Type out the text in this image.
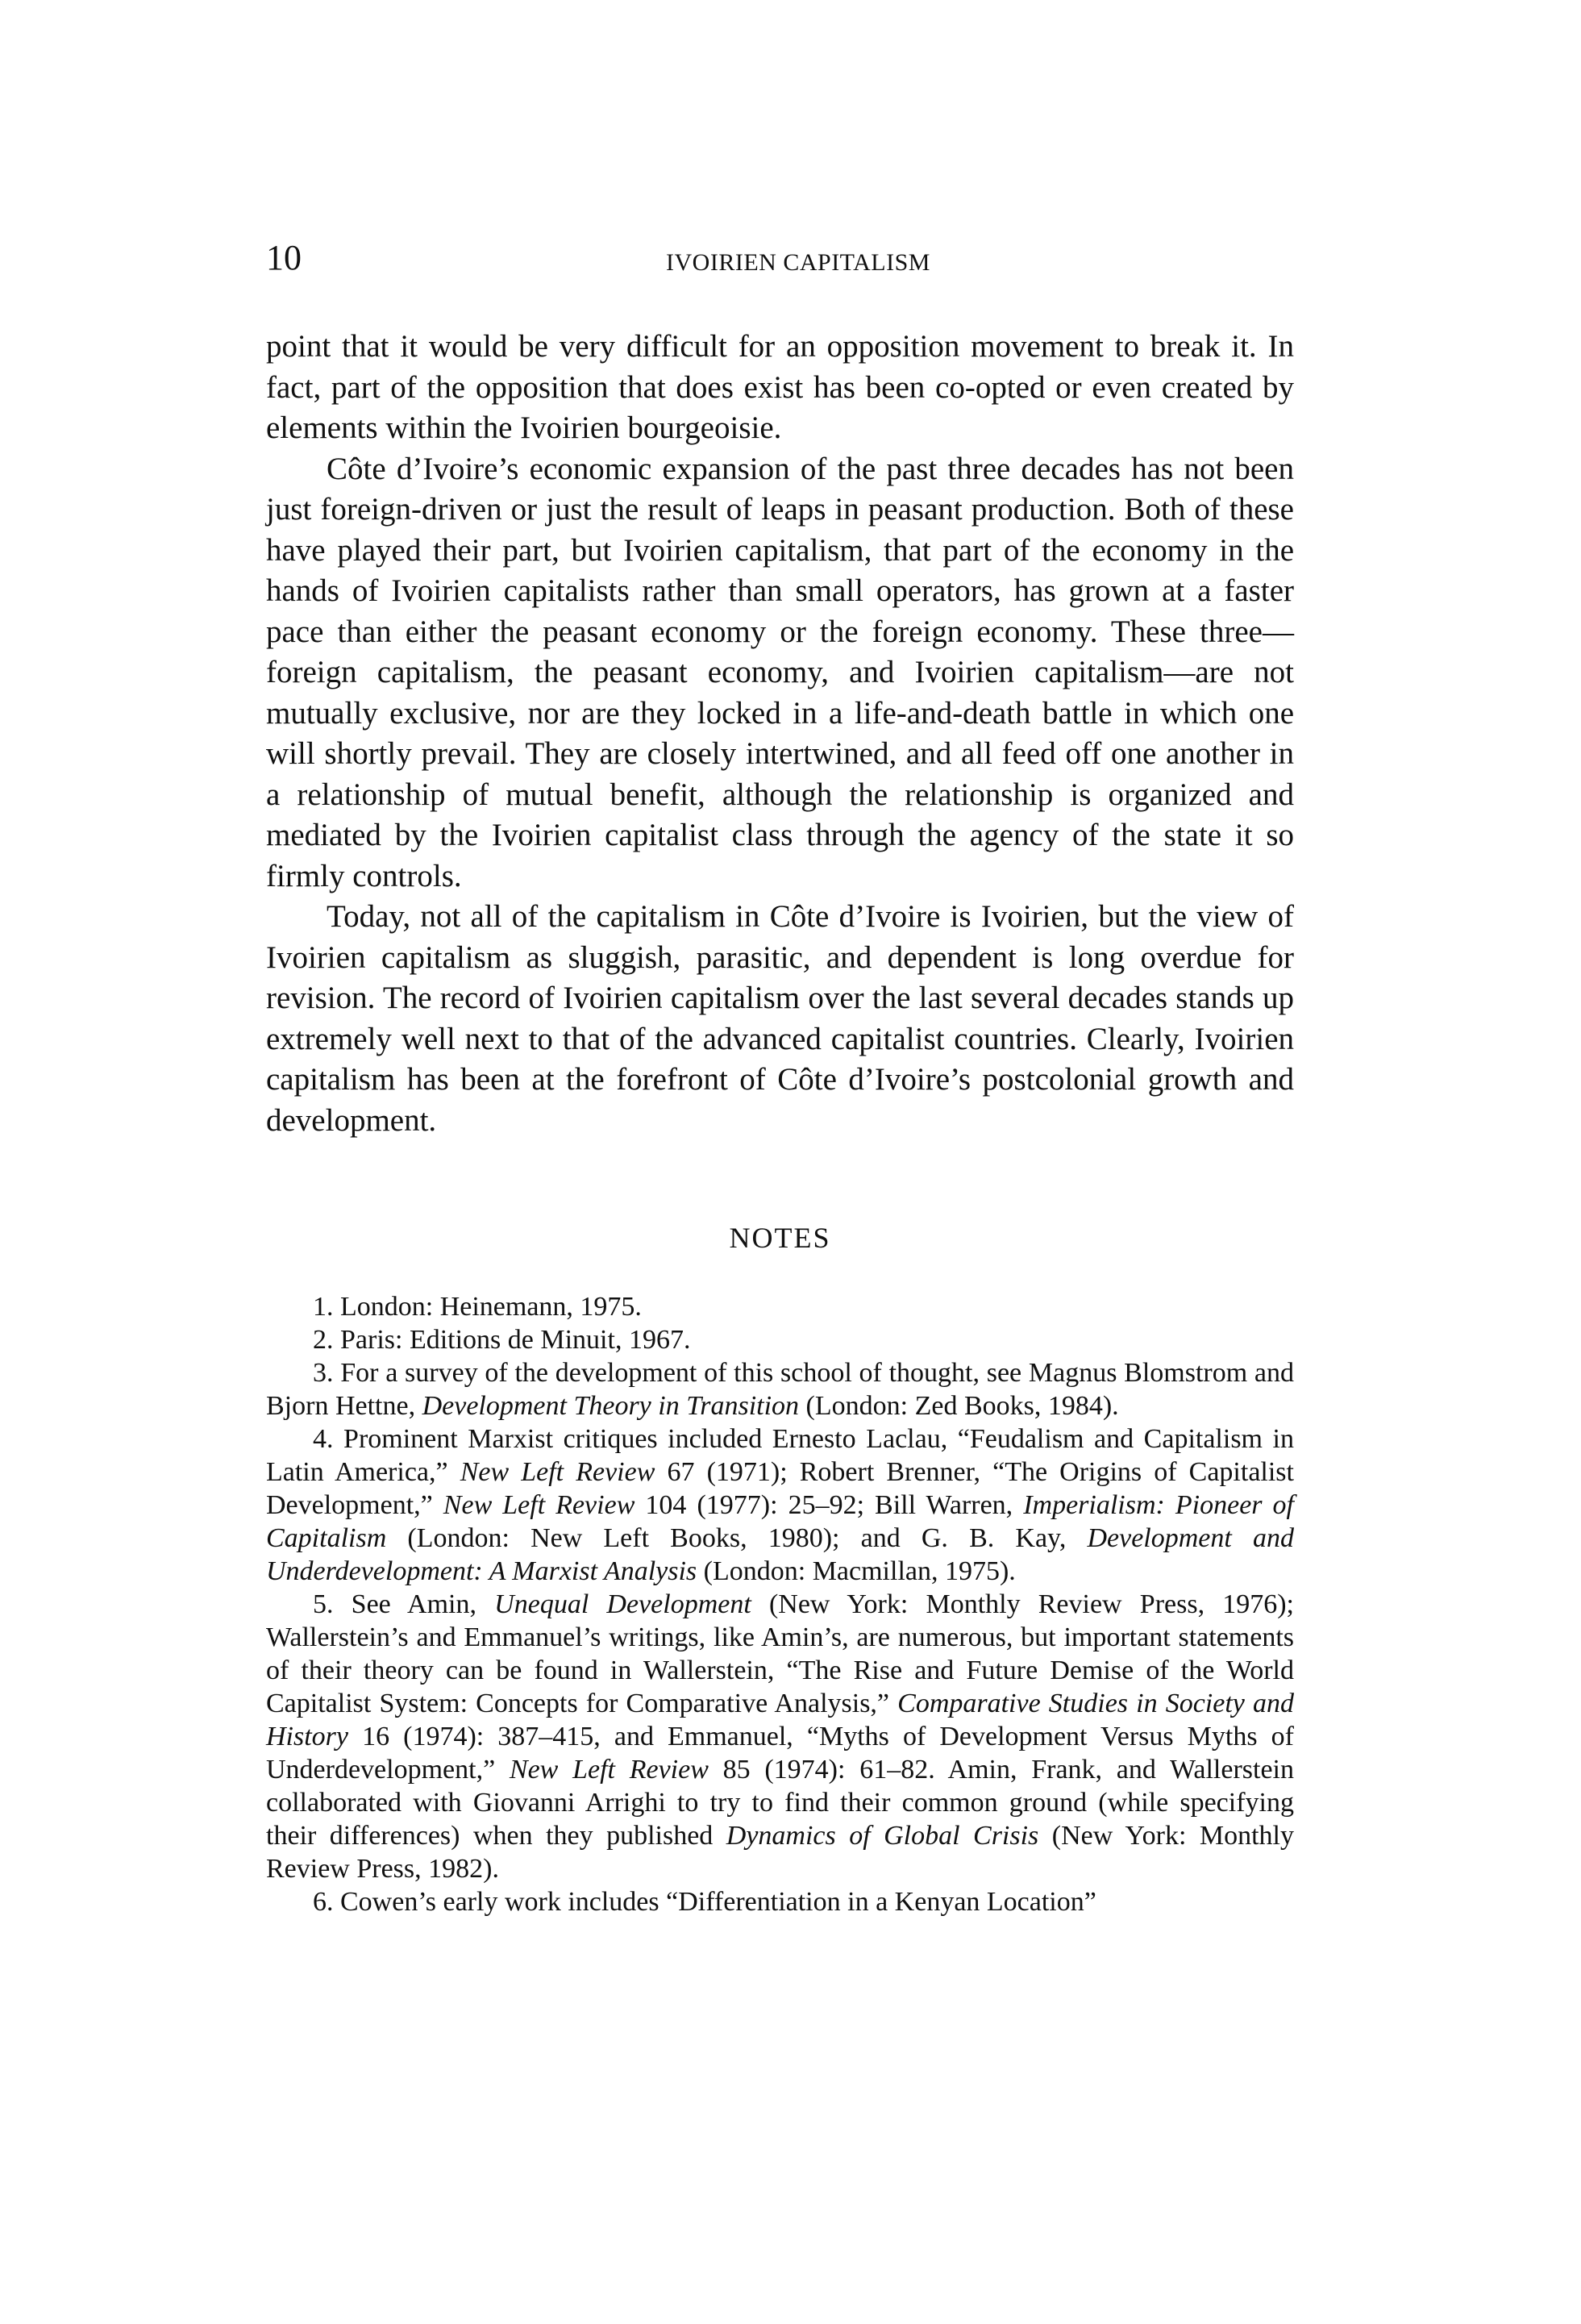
10	IVOIRIEN CAPITALISM

point that it would be very difficult for an opposition movement to break it. In fact, part of the opposition that does exist has been co-opted or even created by elements within the Ivoirien bourgeoisie.

Côte d’Ivoire’s economic expansion of the past three decades has not been just foreign-driven or just the result of leaps in peasant production. Both of these have played their part, but Ivoirien capitalism, that part of the economy in the hands of Ivoirien capitalists rather than small operators, has grown at a faster pace than either the peasant economy or the foreign economy. These three—foreign capitalism, the peasant economy, and Ivoirien capitalism—are not mutually exclusive, nor are they locked in a life-and-death battle in which one will shortly prevail. They are closely intertwined, and all feed off one another in a relationship of mutual benefit, although the relationship is organized and mediated by the Ivoirien capitalist class through the agency of the state it so firmly controls.

Today, not all of the capitalism in Côte d’Ivoire is Ivoirien, but the view of Ivoirien capitalism as sluggish, parasitic, and dependent is long overdue for revision. The record of Ivoirien capitalism over the last several decades stands up extremely well next to that of the advanced capitalist countries. Clearly, Ivoirien capitalism has been at the forefront of Côte d’Ivoire’s postcolonial growth and development.

NOTES

1. London: Heinemann, 1975.

2. Paris: Editions de Minuit, 1967.

3. For a survey of the development of this school of thought, see Magnus Blomstrom and Bjorn Hettne, Development Theory in Transition (London: Zed Books, 1984).

4. Prominent Marxist critiques included Ernesto Laclau, “Feudalism and Capitalism in Latin America,” New Left Review 67 (1971); Robert Brenner, “The Origins of Capitalist Development,” New Left Review 104 (1977): 25–92; Bill Warren, Imperialism: Pioneer of Capitalism (London: New Left Books, 1980); and G. B. Kay, Development and Underdevelopment: A Marxist Analysis (London: Macmillan, 1975).

5. See Amin, Unequal Development (New York: Monthly Review Press, 1976); Wallerstein’s and Emmanuel’s writings, like Amin’s, are numerous, but important statements of their theory can be found in Wallerstein, “The Rise and Future Demise of the World Capitalist System: Concepts for Comparative Analysis,” Comparative Studies in Society and History 16 (1974): 387–415, and Emmanuel, “Myths of Development Versus Myths of Underdevelopment,” New Left Review 85 (1974): 61–82. Amin, Frank, and Wallerstein collaborated with Giovanni Arrighi to try to find their common ground (while specifying their differences) when they published Dynamics of Global Crisis (New York: Monthly Review Press, 1982).

6. Cowen’s early work includes “Differentiation in a Kenyan Location”
